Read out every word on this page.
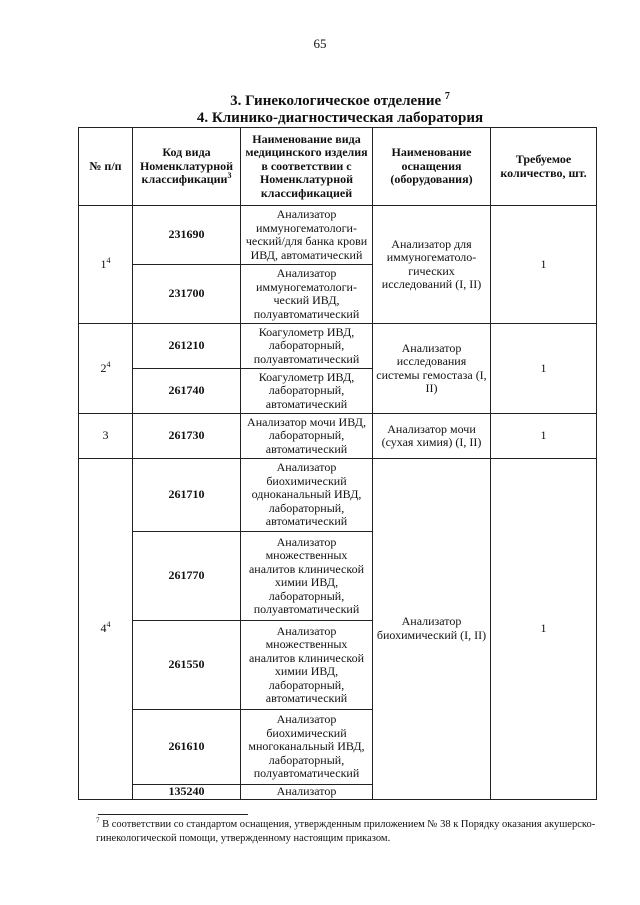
65
3. Гинекологическое отделение $^7$
4. Клинико-диагностическая лаборатория
№ п/п	Код вида Номенклатурной классификации$^3$	Наименование вида медицинского изделия в соответствии с Номенклатурной классификацией	Наименование оснащения (оборудования)	Требуемое количество, шт.
$1^4$	231690	Анализатор иммуногематологи-ческий/для банка крови ИВД, автоматический	Анализатор для иммуногематоло-гических исследований (I, II)	1
	231700	Анализатор иммуногематологи-ческий ИВД, полуавтоматический		
$2^4$	261210	Коагулометр ИВД, лабораторный, полуавтоматический	Анализатор исследования системы гемостаза (I, II)	1
	261740	Коагулометр ИВД, лабораторный, автоматический		
3	261730	Анализатор мочи ИВД, лабораторный, автоматический	Анализатор мочи (сухая химия) (I, II)	1
$4^4$	261710	Анализатор биохимический одноканальный ИВД, лабораторный, автоматический	Анализатор биохимический (I, II)	1
	261770	Анализатор множественных аналитов клинической химии ИВД, лабораторный, полуавтоматический		
	261550	Анализатор множественных аналитов клинической химии ИВД, лабораторный, автоматический		
	261610	Анализатор биохимический многоканальный ИВД, лабораторный, полуавтоматический		
	135240	Анализатор		
$^7$ В соответствии со стандартом оснащения, утвержденным приложением № 38 к Порядку оказания акушерско-гинекологической помощи, утвержденному настоящим приказом.
